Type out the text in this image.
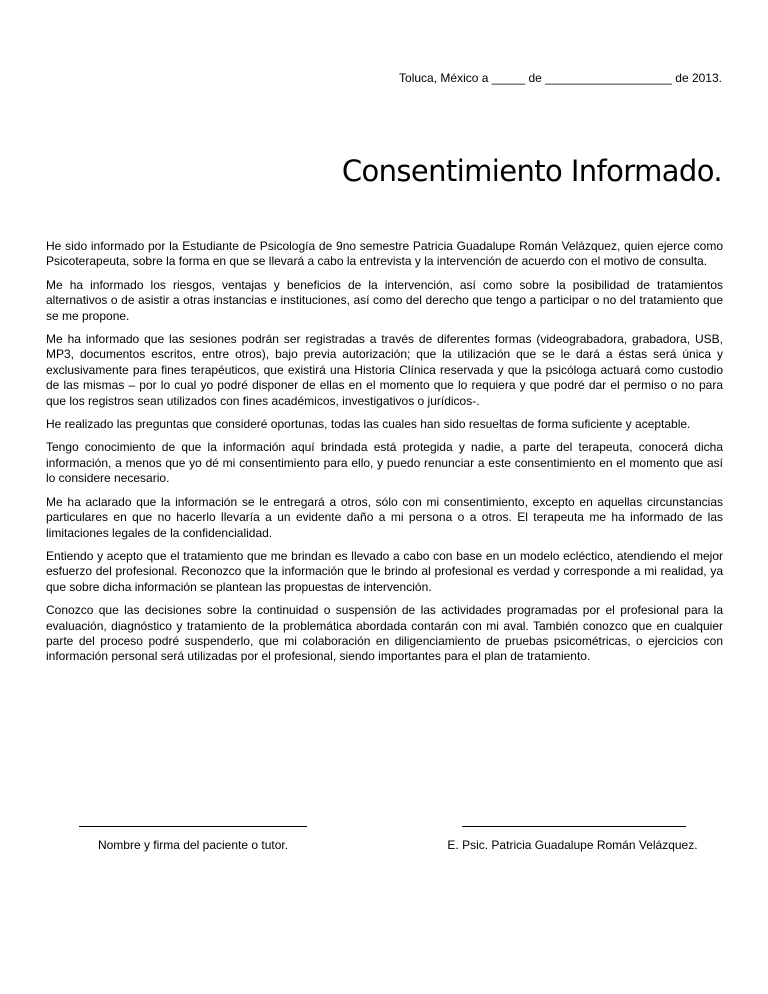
Toluca, México a _____ de ___________________ de 2013.
Consentimiento Informado.

He sido informado por la Estudiante de Psicología de 9no semestre Patricia Guadalupe Román Velázquez, quien ejerce como Psicoterapeuta, sobre la forma en que se llevará a cabo la entrevista y la intervención de acuerdo con el motivo de consulta.

Me ha informado los riesgos, ventajas y beneficios de la intervención, así como sobre la posibilidad de tratamientos alternativos o de asistir a otras instancias e instituciones, así como del derecho que tengo a participar o no del tratamiento que se me propone.

Me ha informado que las sesiones podrán ser registradas a través de diferentes formas (videograbadora, grabadora, USB, MP3, documentos escritos, entre otros), bajo previa autorización; que la utilización que se le dará a éstas será única y exclusivamente para fines terapéuticos, que existirá una Historia Clínica reservada y que la psicóloga actuará como custodio de las mismas – por lo cual yo podré disponer de ellas en el momento que lo requiera y que podré dar el permiso o no para que los registros sean utilizados con fines académicos, investigativos o jurídicos-.

He realizado las preguntas que consideré oportunas, todas las cuales han sido resueltas de forma suficiente y aceptable.

Tengo conocimiento de que la información aquí brindada está protegida y nadie, a parte del terapeuta, conocerá dicha información, a menos que yo dé mi consentimiento para ello, y puedo renunciar a este consentimiento en el momento que así lo considere necesario.

Me ha aclarado que la información se le entregará a otros, sólo con mi consentimiento, excepto en aquellas circunstancias particulares en que no hacerlo llevaría a un evidente daño a mi persona o a otros. El terapeuta me ha informado de las limitaciones legales de la confidencialidad.

Entiendo y acepto que el tratamiento que me brindan es llevado a cabo con base en un modelo ecléctico, atendiendo el mejor esfuerzo del profesional. Reconozco que la información que le brindo al profesional es verdad y corresponde a mi realidad, ya que sobre dicha información se plantean las propuestas de intervención.

Conozco que las decisiones sobre la continuidad o suspensión de las actividades programadas por el profesional para la evaluación, diagnóstico y tratamiento de la problemática abordada contarán con mi aval. También conozco que en cualquier parte del proceso podré suspenderlo, que mi colaboración en diligenciamiento de pruebas psicométricas, o ejercicios con información personal será utilizadas por el profesional, siendo importantes para el plan de tratamiento.

Nombre y firma del paciente o tutor.	E. Psic. Patricia Guadalupe Román Velázquez.
